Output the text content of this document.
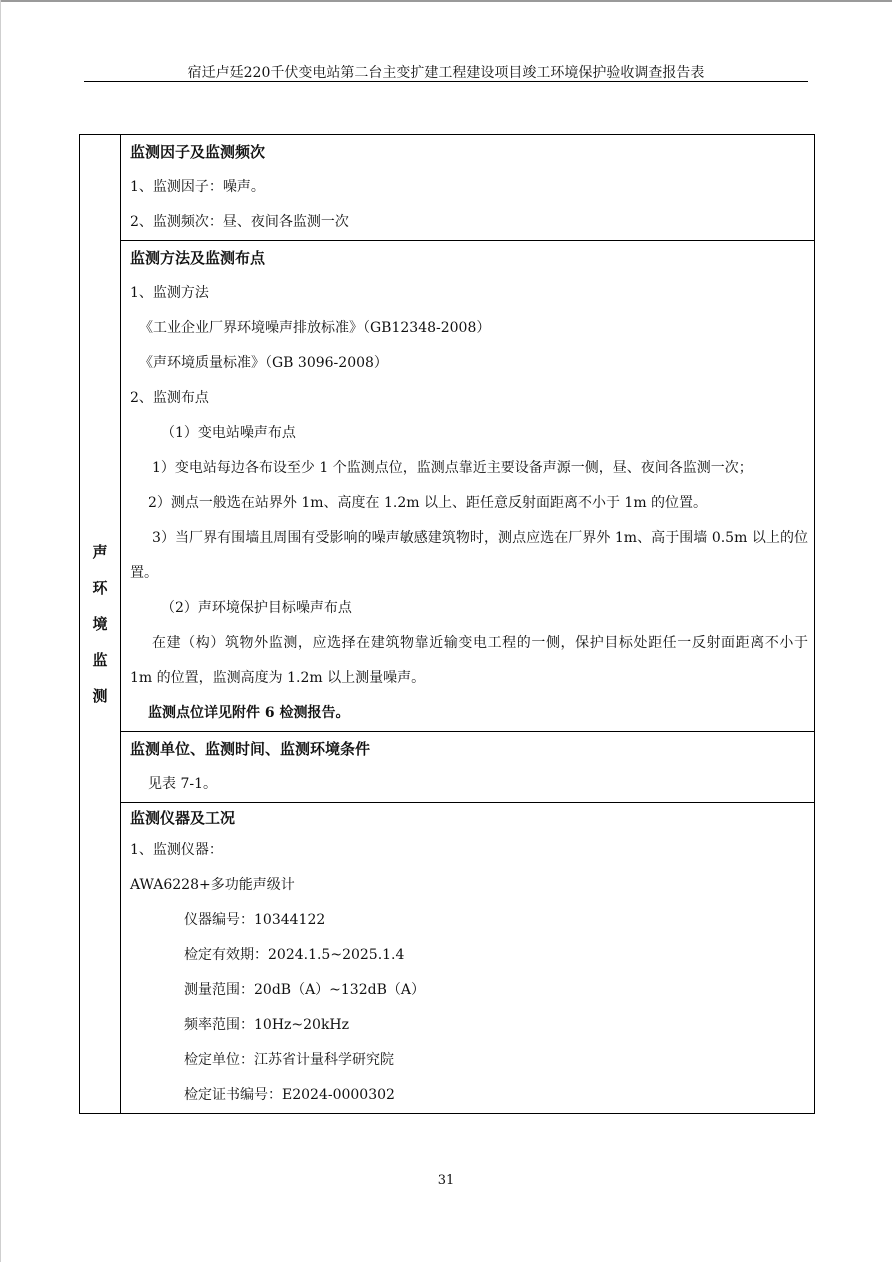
宿迁卢廷220千伏变电站第二台主变扩建工程建设项目竣工环境保护验收调查报告表
声
环
境
监
测

监测因子及监测频次
1、监测因子：噪声。
2、监测频次：昼、夜间各监测一次

监测方法及监测布点
1、监测方法
《工业企业厂界环境噪声排放标准》（GB12348-2008）
《声环境质量标准》（GB 3096-2008）
2、监测布点
（1）变电站噪声布点
1）变电站每边各布设至少 1 个监测点位，监测点靠近主要设备声源一侧，昼、夜间各监测一次；
2）测点一般选在站界外 1m、高度在 1.2m 以上、距任意反射面距离不小于 1m 的位置。
3）当厂界有围墙且周围有受影响的噪声敏感建筑物时，测点应选在厂界外 1m、高于围墙 0.5m 以上的位置。
（2）声环境保护目标噪声布点
在建（构）筑物外监测，应选择在建筑物靠近输变电工程的一侧，保护目标处距任一反射面距离不小于 1m 的位置，监测高度为 1.2m 以上测量噪声。
监测点位详见附件 6 检测报告。

监测单位、监测时间、监测环境条件
见表 7-1。

监测仪器及工况
1、监测仪器：
AWA6228+多功能声级计
仪器编号：10344122
检定有效期：2024.1.5~2025.1.4
测量范围：20dB（A）~132dB（A）
频率范围：10Hz~20kHz
检定单位：江苏省计量科学研究院
检定证书编号：E2024-0000302
31
